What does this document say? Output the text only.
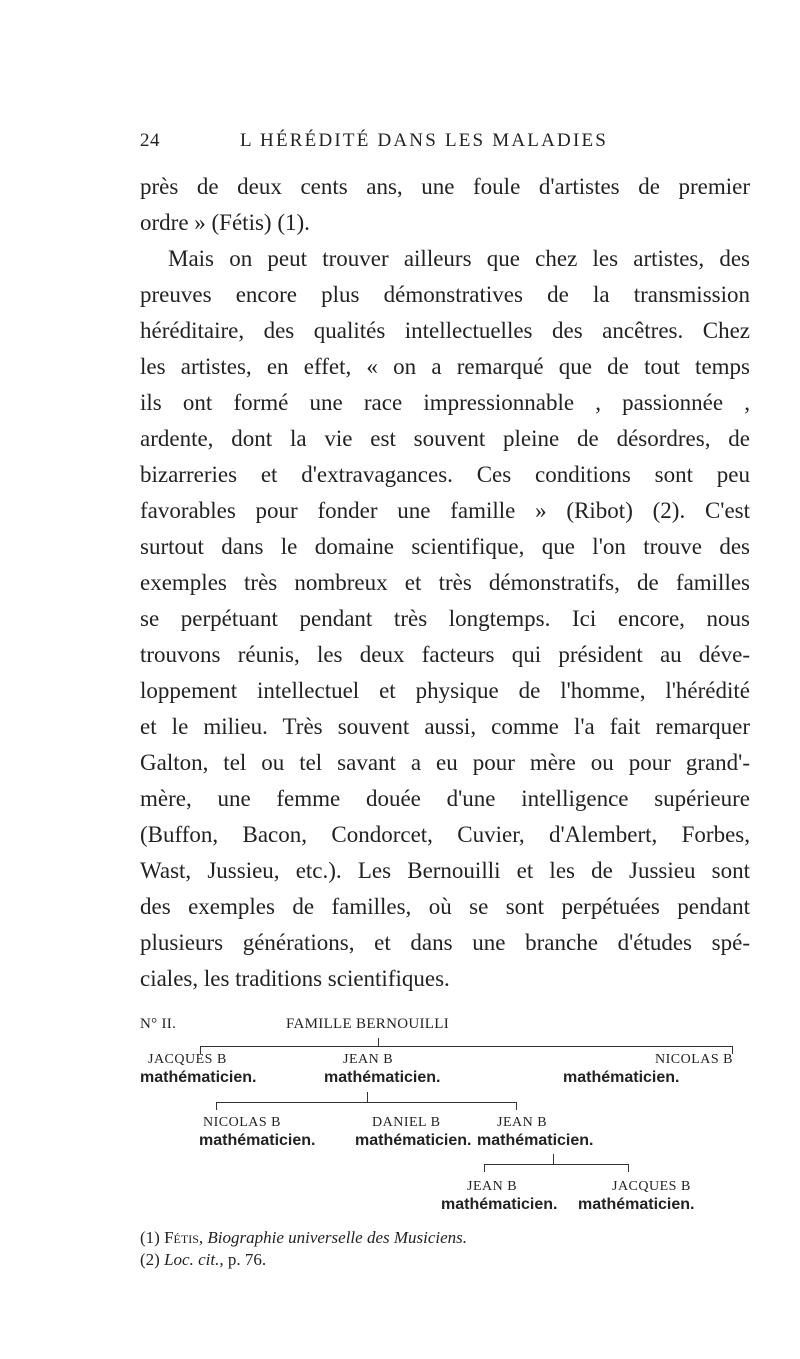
24	L HÉRÉDITÉ DANS LES MALADIES
près de deux cents ans, une foule d'artistes de premier
ordre » (Fétis) (1).
Mais on peut trouver ailleurs que chez les artistes, des
preuves encore plus démonstratives de la transmission
héréditaire, des qualités intellectuelles des ancêtres. Chez
les artistes, en effet, « on a remarqué que de tout temps
ils ont formé une race impressionnable , passionnée ,
ardente, dont la vie est souvent pleine de désordres, de
bizarreries et d'extravagances. Ces conditions sont peu
favorables pour fonder une famille » (Ribot) (2). C'est
surtout dans le domaine scientifique, que l'on trouve des
exemples très nombreux et très démonstratifs, de familles
se perpétuant pendant très longtemps. Ici encore, nous
trouvons réunis, les deux facteurs qui président au déve-
loppement intellectuel et physique de l'homme, l'hérédité
et le milieu. Très souvent aussi, comme l'a fait remarquer
Galton, tel ou tel savant a eu pour mère ou pour grand'-
mère, une femme douée d'une intelligence supérieure
(Buffon, Bacon, Condorcet, Cuvier, d'Alembert, Forbes,
Wast, Jussieu, etc.). Les Bernouilli et les de Jussieu sont
des exemples de familles, où se sont perpétuées pendant
plusieurs générations, et dans une branche d'études spé-
ciales, les traditions scientifiques.
N° II.	FAMILLE BERNOUILLI
JACQUES B
mathématicien.
JEAN B
mathématicien.
NICOLAS B
mathématicien.
NICOLAS B
mathématicien.
DANIEL B
mathématicien.
JEAN B
mathématicien.
JEAN B
mathématicien.
JACQUES B
mathématicien.
(1) Fétis, Biographie universelle des Musiciens.
(2) Loc. cit., p. 76.
